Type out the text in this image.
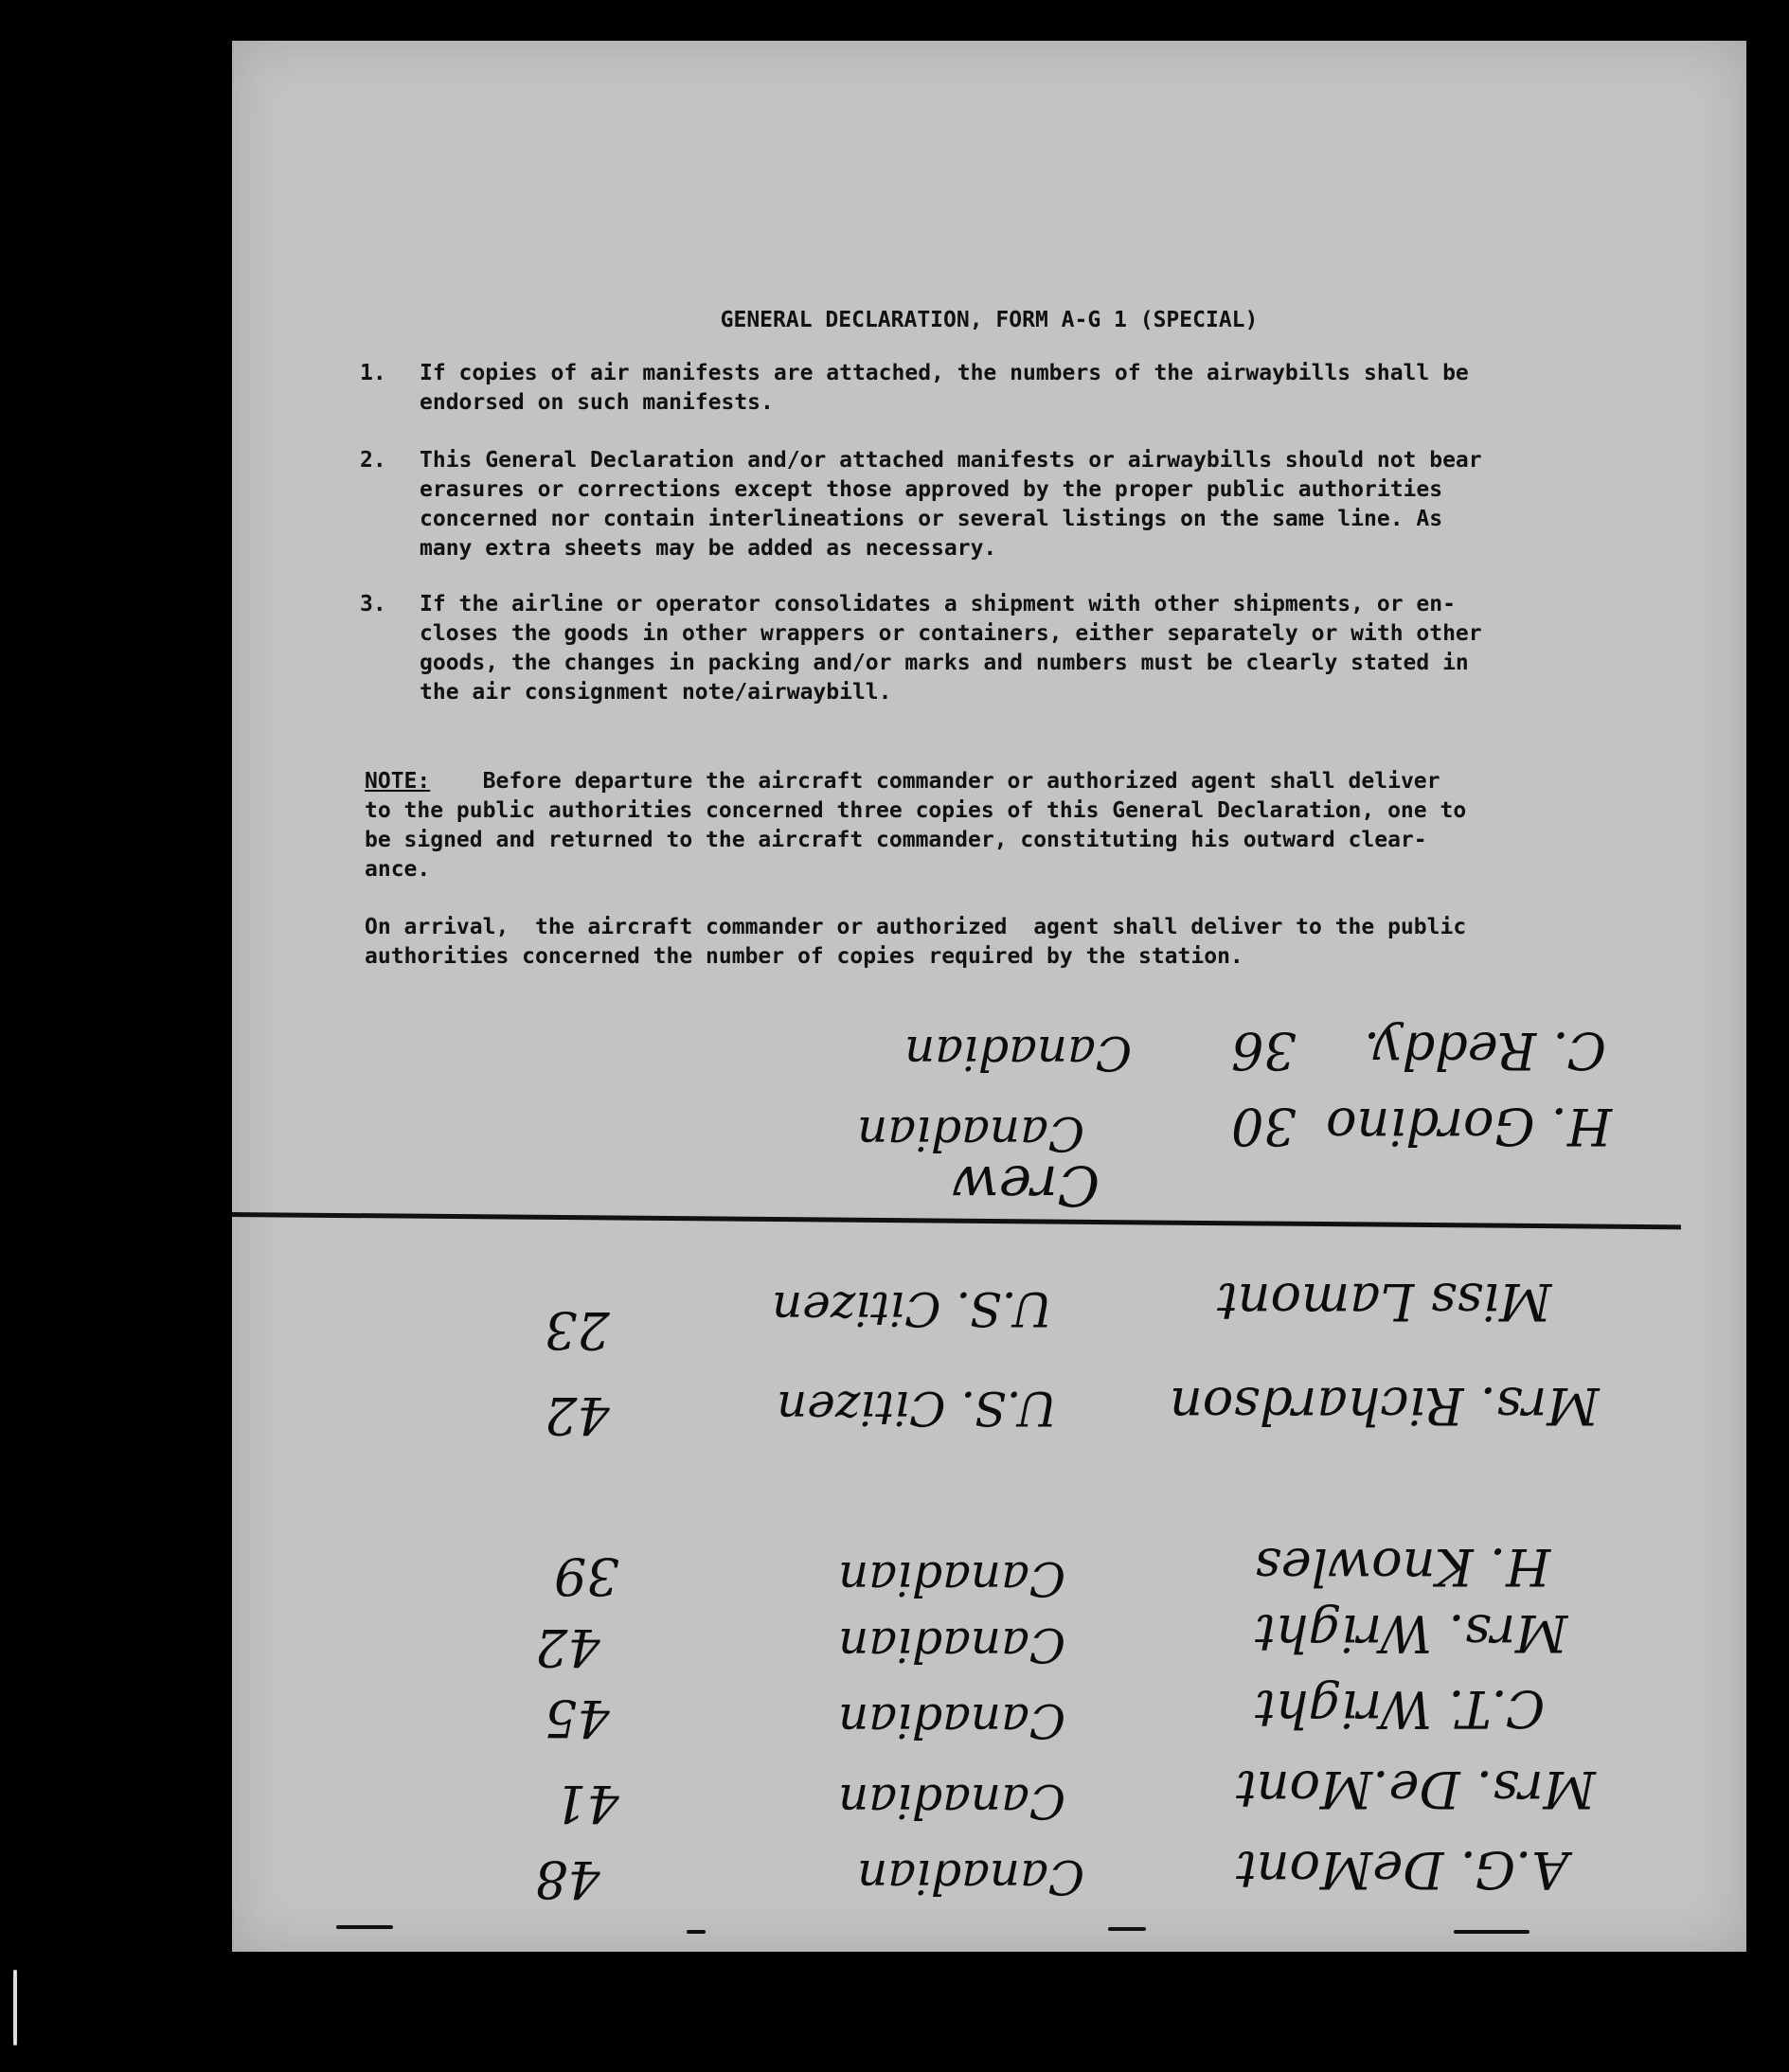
GENERAL DECLARATION, FORM A-G 1 (SPECIAL)
1. If copies of air manifests are attached, the numbers of the airwaybills shall be
endorsed on such manifests.
2. This General Declaration and/or attached manifests or airwaybills should not bear
erasures or corrections except those approved by the proper public authorities
concerned nor contain interlineations or several listings on the same line. As
many extra sheets may be added as necessary.
3. If the airline or operator consolidates a shipment with other shipments, or en-
closes the goods in other wrappers or containers, either separately or with other
goods, the changes in packing and/or marks and numbers must be clearly stated in
the air consignment note/airwaybill.
NOTE:    Before departure the aircraft commander or authorized agent shall deliver
to the public authorities concerned three copies of this General Declaration, one to
be signed and returned to the aircraft commander, constituting his outward clear-
ance.
On arrival,  the aircraft commander or authorized  agent shall deliver to the public
authorities concerned the number of copies required by the station.
C. Reddy.
36
Canadian
H. Gordino
30
Canadian
Crew
Miss Lamont
U.S. Citizen
23
Mrs. Richardson
U.S. Citizen
42
H. Knowles
Canadian
39
Mrs. Wright
Canadian
42
C.T. Wright
Canadian
45
Mrs. De.Mont
Canadian
41
A.G. DeMont
Canadian
48
